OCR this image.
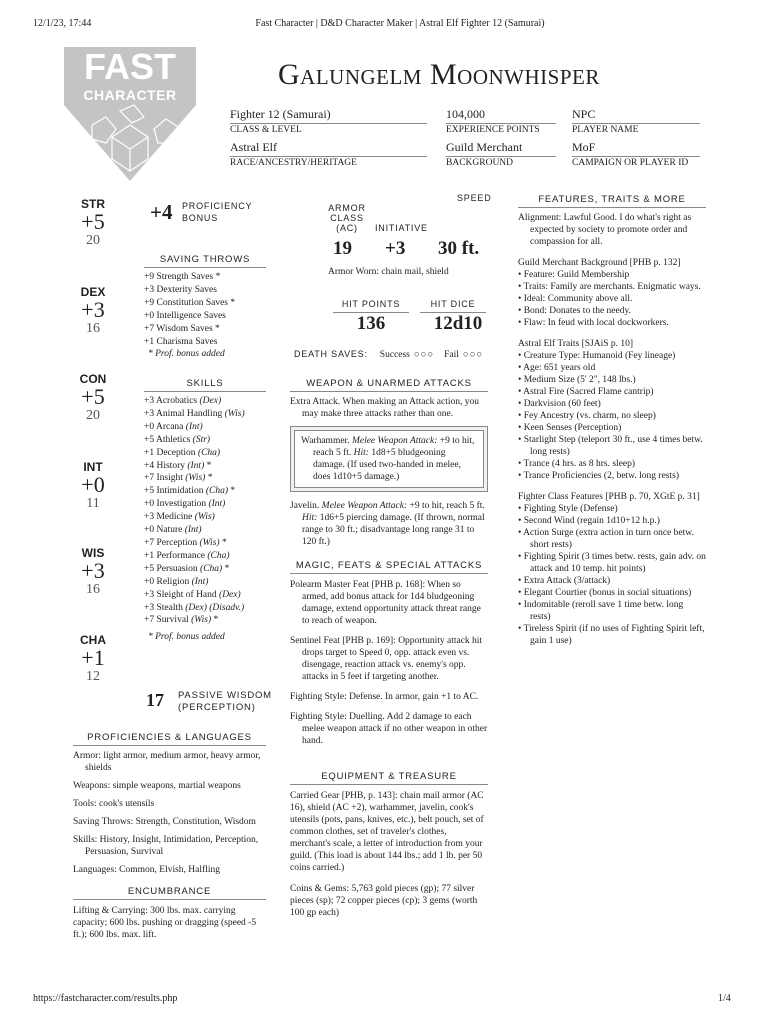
12/1/23, 17:44	Fast Character | D&D Character Maker | Astral Elf Fighter 12 (Samurai)
FAST
CHARACTER
Galungelm Moonwhisper
Fighter 12 (Samurai)
CLASS & LEVEL
104,000
EXPERIENCE POINTS
NPC
PLAYER NAME
Astral Elf
RACE/ANCESTRY/HERITAGE
Guild Merchant
BACKGROUND
MoF
CAMPAIGN OR PLAYER ID
STR
+5
20
DEX
+3
16
CON
+5
20
INT
+0
11
WIS
+3
16
CHA
+1
12
+4 PROFICIENCY
BONUS
SAVING THROWS
+9 Strength Saves *
+3 Dexterity Saves
+9 Constitution Saves *
+0 Intelligence Saves
+7 Wisdom Saves *
+1 Charisma Saves
* Prof. bonus added
SKILLS
+3 Acrobatics (Dex)
+3 Animal Handling (Wis)
+0 Arcana (Int)
+5 Athletics (Str)
+1 Deception (Cha)
+4 History (Int) *
+7 Insight (Wis) *
+5 Intimidation (Cha) *
+0 Investigation (Int)
+3 Medicine (Wis)
+0 Nature (Int)
+7 Perception (Wis) *
+1 Performance (Cha)
+5 Persuasion (Cha) *
+0 Religion (Int)
+3 Sleight of Hand (Dex)
+3 Stealth (Dex) (Disadv.)
+7 Survival (Wis) *
* Prof. bonus added
17 PASSIVE WISDOM
(PERCEPTION)
PROFICIENCIES & LANGUAGES
Armor: light armor, medium armor, heavy armor, shields
Weapons: simple weapons, martial weapons
Tools: cook's utensils
Saving Throws: Strength, Constitution, Wisdom
Skills: History, Insight, Intimidation, Perception, Persuasion, Survival
Languages: Common, Elvish, Halfling
ENCUMBRANCE
Lifting & Carrying: 300 lbs. max. carrying capacity; 600 lbs. pushing or dragging (speed -5 ft.); 600 lbs. max. lift.
SPEED
ARMOR
CLASS
(AC)	INITIATIVE
19 +3 30 ft.
Armor Worn: chain mail, shield
HIT POINTS	HIT DICE
136	12d10
DEATH SAVES: Success ○○○ Fail ○○○
WEAPON & UNARMED ATTACKS
Extra Attack. When making an Attack action, you may make three attacks rather than one.
Warhammer. Melee Weapon Attack: +9 to hit, reach 5 ft. Hit: 1d8+5 bludgeoning damage. (If used two-handed in melee, does 1d10+5 damage.)
Javelin. Melee Weapon Attack: +9 to hit, reach 5 ft. Hit: 1d6+5 piercing damage. (If thrown, normal range to 30 ft.; disadvantage long range 31 to 120 ft.)
MAGIC, FEATS & SPECIAL ATTACKS
Polearm Master Feat [PHB p. 168]: When so armed, add bonus attack for 1d4 bludgeoning damage, extend opportunity attack threat range to reach of weapon.
Sentinel Feat [PHB p. 169]: Opportunity attack hit drops target to Speed 0, opp. attack even vs. disengage, reaction attack vs. enemy's opp. attacks in 5 feet if targeting another.
Fighting Style: Defense. In armor, gain +1 to AC.
Fighting Style: Duelling. Add 2 damage to each melee weapon attack if no other weapon in other hand.
EQUIPMENT & TREASURE
Carried Gear [PHB, p. 143]: chain mail armor (AC 16), shield (AC +2), warhammer, javelin, cook's utensils (pots, pans, knives, etc.), belt pouch, set of common clothes, set of traveler's clothes, merchant's scale, a letter of introduction from your guild. (This load is about 144 lbs.; add 1 lb. per 50 coins carried.)
Coins & Gems: 5,763 gold pieces (gp); 77 silver pieces (sp); 72 copper pieces (cp); 3 gems (worth 100 gp each)
FEATURES, TRAITS & MORE
Alignment: Lawful Good. I do what's right as expected by society to promote order and compassion for all.
Guild Merchant Background [PHB p. 132]
• Feature: Guild Membership
• Traits: Family are merchants. Enigmatic ways.
• Ideal: Community above all.
• Bond: Donates to the needy.
• Flaw: In feud with local dockworkers.
Astral Elf Traits [SJAiS p. 10]
• Creature Type: Humanoid (Fey lineage)
• Age: 651 years old
• Medium Size (5' 2", 148 lbs.)
• Astral Fire (Sacred Flame cantrip)
• Darkvision (60 feet)
• Fey Ancestry (vs. charm, no sleep)
• Keen Senses (Perception)
• Starlight Step (teleport 30 ft., use 4 times betw. long rests)
• Trance (4 hrs. as 8 hrs. sleep)
• Trance Proficiencies (2, betw. long rests)
Fighter Class Features [PHB p. 70, XGtE p. 31]
• Fighting Style (Defense)
• Second Wind (regain 1d10+12 h.p.)
• Action Surge (extra action in turn once betw. short rests)
• Fighting Spirit (3 times betw. rests, gain adv. on attack and 10 temp. hit points)
• Extra Attack (3/attack)
• Elegant Courtier (bonus in social situations)
• Indomitable (reroll save 1 time betw. long rests)
• Tireless Spirit (if no uses of Fighting Spirit left, gain 1 use)
https://fastcharacter.com/results.php	1/4
